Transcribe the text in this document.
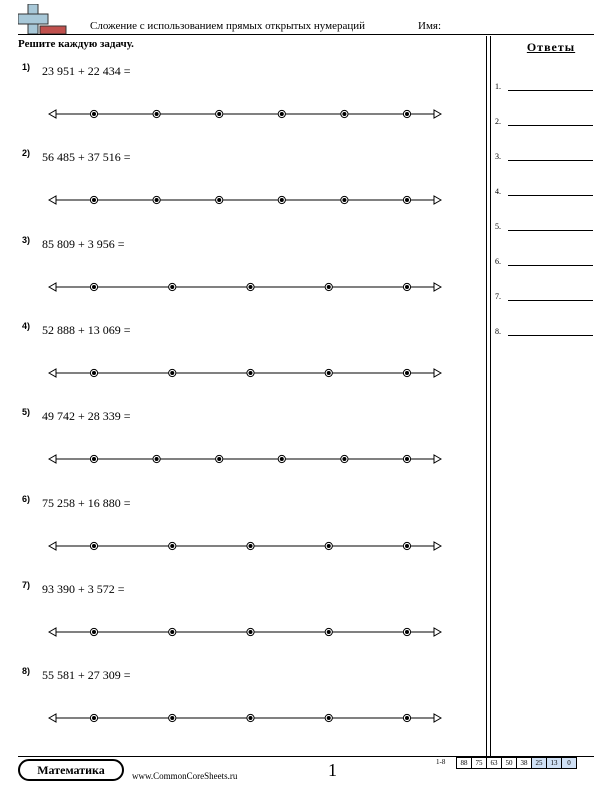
Сложение с использованием прямых открытых нумераций	Имя:
Решите каждую задачу.	Ответы
1.
2.
3.
4.
5.
6.
7.
8.
1) 23 951 + 22 434 =
2) 56 485 + 37 516 =
3) 85 809 + 3 956 =
4) 52 888 + 13 069 =
5) 49 742 + 28 339 =
6) 75 258 + 16 880 =
7) 93 390 + 3 572 =
8) 55 581 + 27 309 =
Математика	www.CommonCoreSheets.ru	1	1-8 88	75	63	50	38	25	13	0
